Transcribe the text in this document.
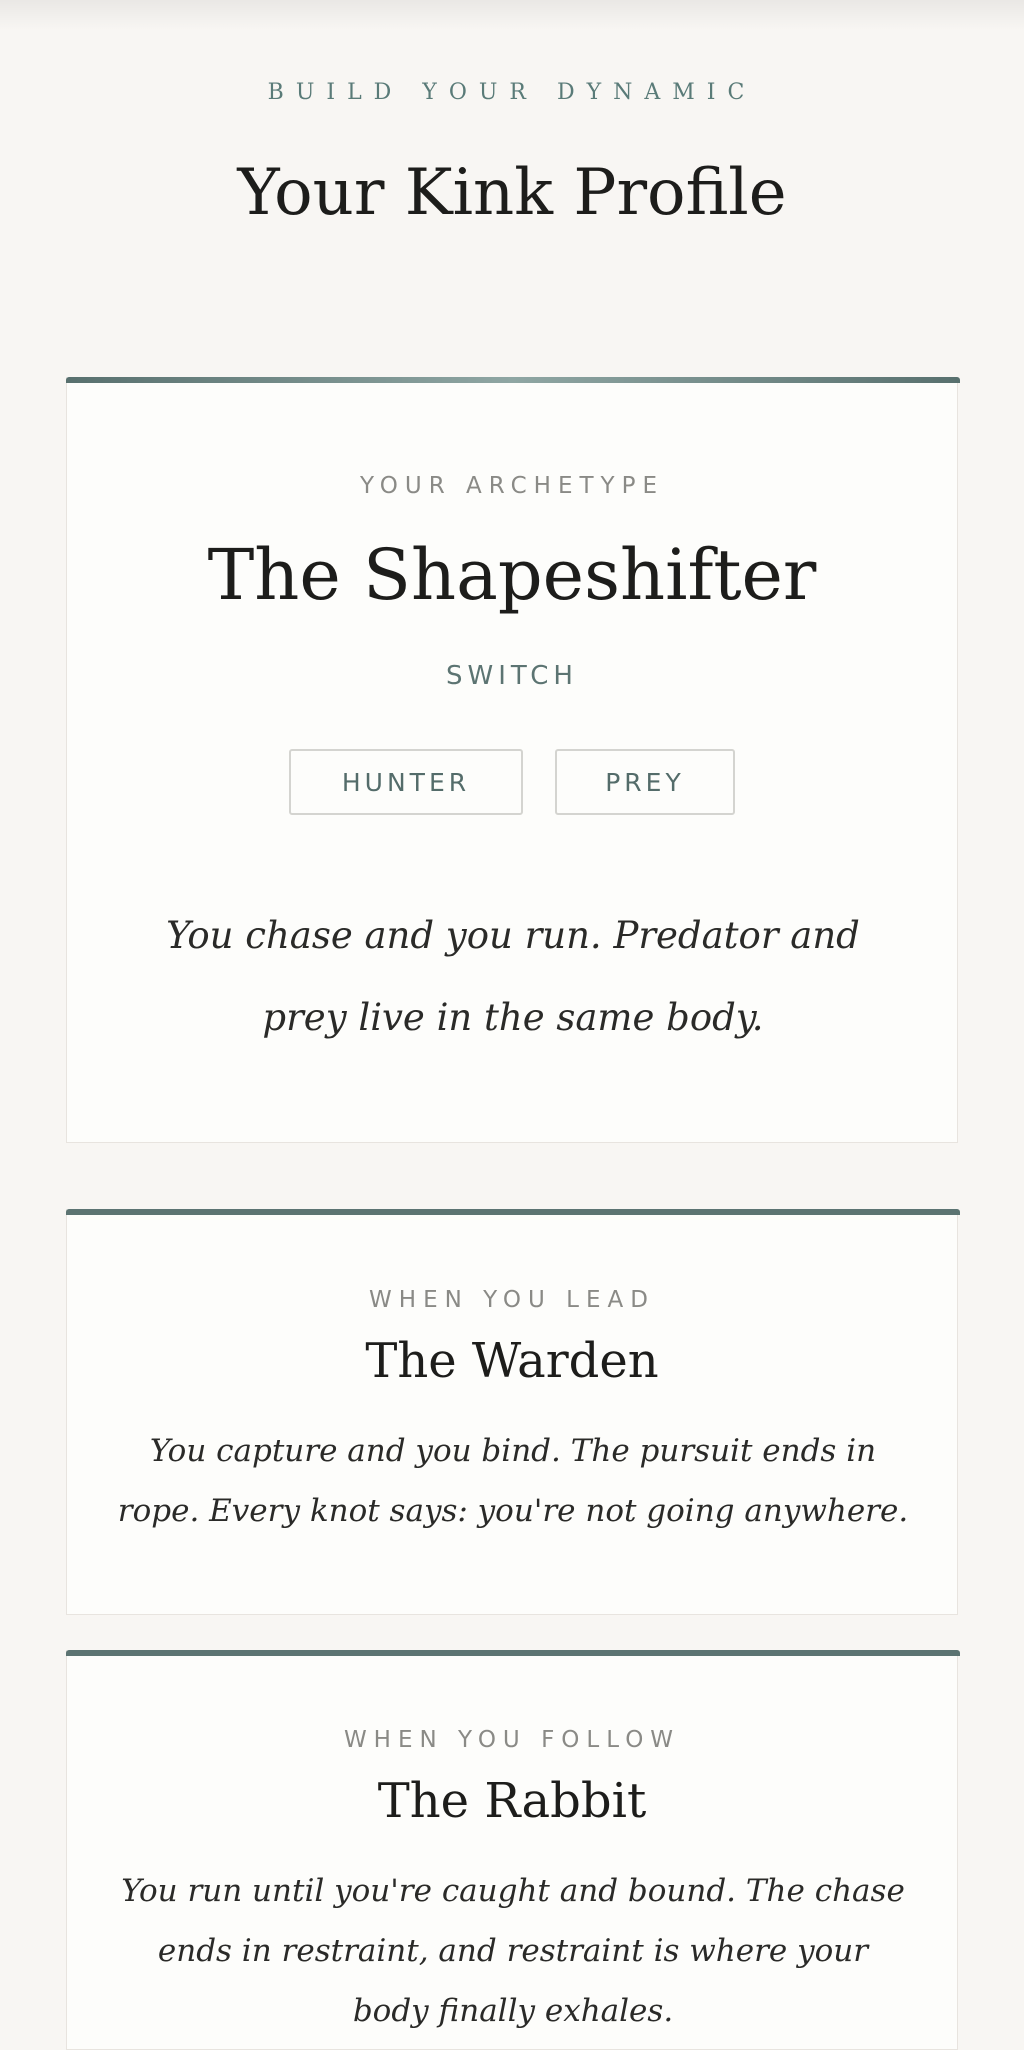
BUILD YOUR DYNAMIC
Your Kink Profile
YOUR ARCHETYPE
The Shapeshifter
SWITCH
HUNTER	PREY

You chase and you run. Predator and prey live in the same body.

WHEN YOU LEAD
The Warden

You capture and you bind. The pursuit ends in rope. Every knot says: you're not going anywhere.

WHEN YOU FOLLOW
The Rabbit

You run until you're caught and bound. The chase ends in restraint, and restraint is where your body finally exhales.
